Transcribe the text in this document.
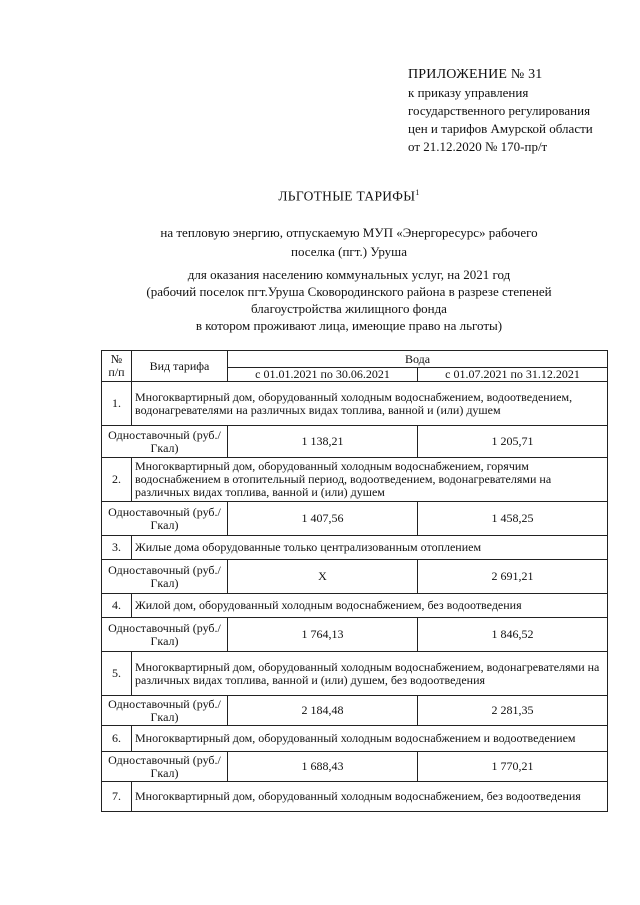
ПРИЛОЖЕНИЕ № 31
к приказу управления
государственного регулирования
цен и тарифов Амурской области
от 21.12.2020 № 170-пр/т
ЛЬГОТНЫЕ ТАРИФЫ$^1$
на тепловую энергию, отпускаемую МУП «Энергоресурс» рабочего
поселка (пгт.) Уруша
для оказания населению коммунальных услуг, на 2021 год
(рабочий поселок пгт.Уруша Сковородинского района в разрезе степеней
благоустройства жилищного фонда
в котором проживают лица, имеющие право на льготы)
№ п/п	Вид тарифа	Вода	
		с 01.01.2021 по 30.06.2021	с 01.07.2021 по 31.12.2021
1.	Многоквартирный дом, оборудованный холодным водоснабжением, водоотведением, водонагревателями на различных видах топлива, ванной и (или) душем		
Одноставочный (руб./Гкал)		1 138,21	1 205,71
2.	Многоквартирный дом, оборудованный холодным водоснабжением, горячим водоснабжением в отопительный период, водоотведением, водонагревателями на различных видах топлива, ванной и (или) душем		
Одноставочный (руб./Гкал)		1 407,56	1 458,25
3.	Жилые дома оборудованные только централизованным отоплением		
Одноставочный (руб./Гкал)		Х	2 691,21
4.	Жилой дом, оборудованный холодным водоснабжением, без водоотведения		
Одноставочный (руб./Гкал)		1 764,13	1 846,52
5.	Многоквартирный дом, оборудованный холодным водоснабжением, водонагревателями на различных видах топлива, ванной и (или) душем, без водоотведения		
Одноставочный (руб./Гкал)		2 184,48	2 281,35
6.	Многоквартирный дом, оборудованный холодным водоснабжением и водоотведением		
Одноставочный (руб./Гкал)		1 688,43	1 770,21
7.	Многоквартирный дом, оборудованный холодным водоснабжением, без водоотведения		
